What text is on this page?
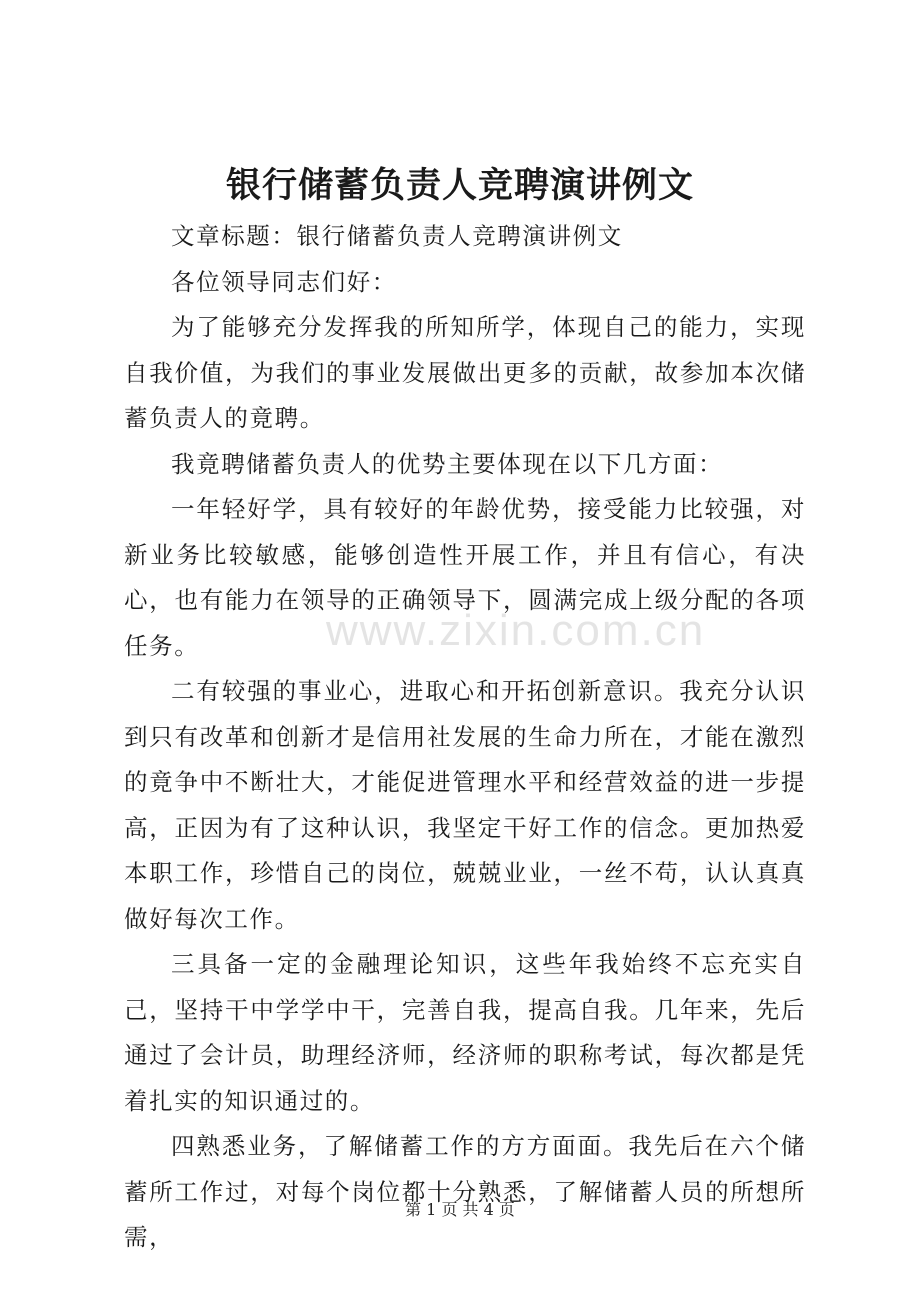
银行储蓄负责人竞聘演讲例文

文章标题：银行储蓄负责人竞聘演讲例文

各位领导同志们好：

为了能够充分发挥我的所知所学，体现自己的能力，实现自我价值，为我们的事业发展做出更多的贡献，故参加本次储蓄负责人的竟聘。

我竟聘储蓄负责人的优势主要体现在以下几方面：

一年轻好学，具有较好的年龄优势，接受能力比较强，对新业务比较敏感，能够创造性开展工作，并且有信心，有决心，也有能力在领导的正确领导下，圆满完成上级分配的各项任务。

二有较强的事业心，进取心和开拓创新意识。我充分认识到只有改革和创新才是信用社发展的生命力所在，才能在激烈的竟争中不断壮大，才能促进管理水平和经营效益的进一步提高，正因为有了这种认识，我坚定干好工作的信念。更加热爱本职工作，珍惜自己的岗位，兢兢业业，一丝不苟，认认真真做好每次工作。

三具备一定的金融理论知识，这些年我始终不忘充实自己，坚持干中学学中干，完善自我，提高自我。几年来，先后通过了会计员，助理经济师，经济师的职称考试，每次都是凭着扎实的知识通过的。

四熟悉业务，了解储蓄工作的方方面面。我先后在六个储蓄所工作过，对每个岗位都十分熟悉，了解储蓄人员的所想所需，

www.zixin.com.cn
第 1 页 共 4 页
